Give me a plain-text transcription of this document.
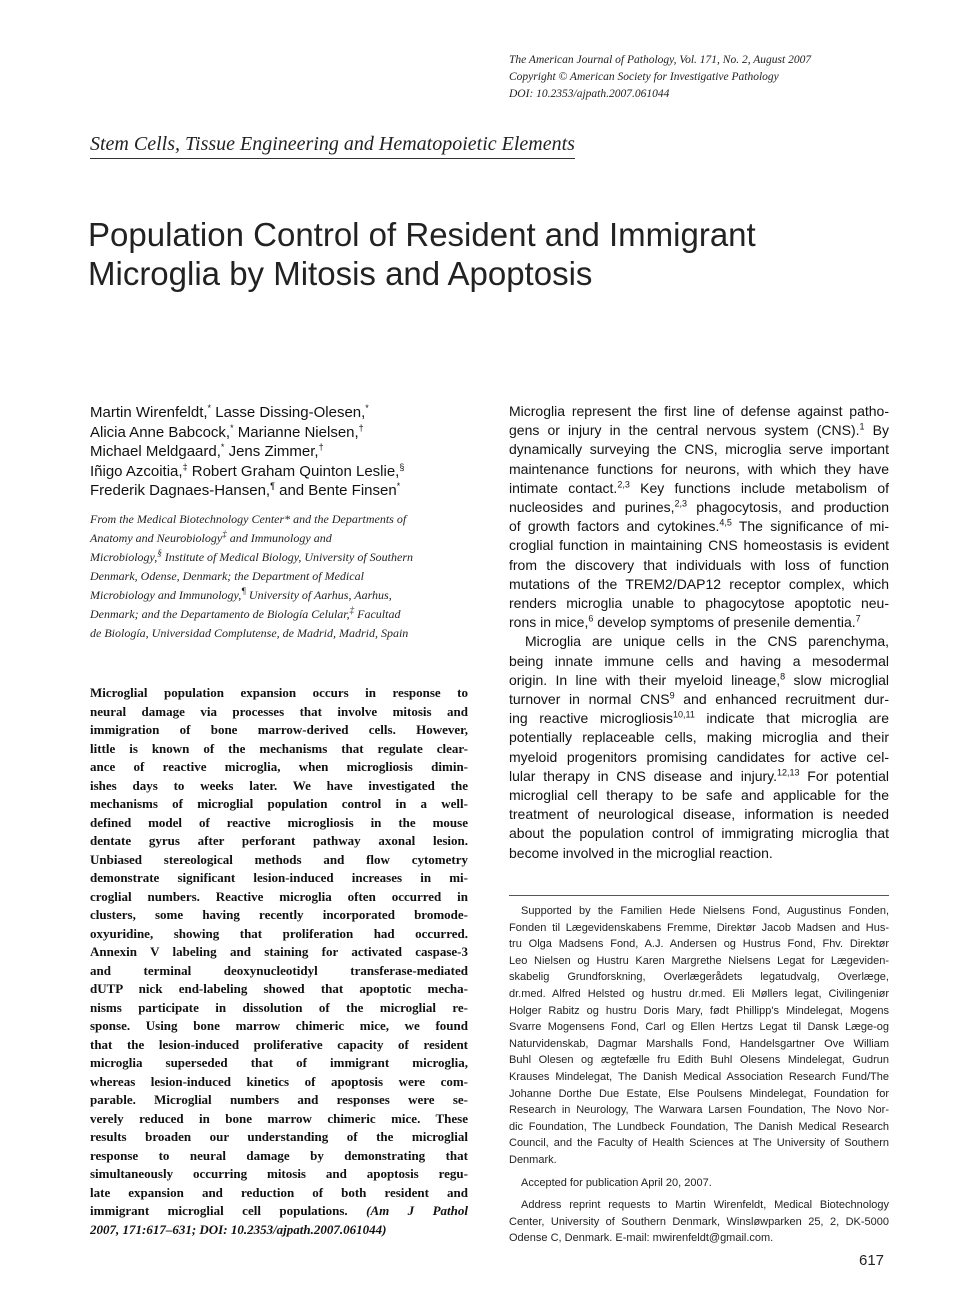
The American Journal of Pathology, Vol. 171, No. 2, August 2007
Copyright © American Society for Investigative Pathology
DOI: 10.2353/ajpath.2007.061044
Stem Cells, Tissue Engineering and Hematopoietic Elements
Population Control of Resident and Immigrant
Microglia by Mitosis and Apoptosis
Martin Wirenfeldt,* Lasse Dissing-Olesen,*
Alicia Anne Babcock,* Marianne Nielsen,†
Michael Meldgaard,* Jens Zimmer,†
Iñigo Azcoitia,‡ Robert Graham Quinton Leslie,§
Frederik Dagnaes-Hansen,¶ and Bente Finsen*
From the Medical Biotechnology Center* and the Departments of
Anatomy and Neurobiology‡ and Immunology and
Microbiology,§ Institute of Medical Biology, University of Southern
Denmark, Odense, Denmark; the Department of Medical
Microbiology and Immunology,¶ University of Aarhus, Aarhus,
Denmark; and the Departamento de Biología Celular,‡ Facultad
de Biología, Universidad Complutense, de Madrid, Madrid, Spain
Microglial population expansion occurs in response to
neural damage via processes that involve mitosis and
immigration of bone marrow-derived cells. However,
little is known of the mechanisms that regulate clear-
ance of reactive microglia, when microgliosis dimin-
ishes days to weeks later. We have investigated the
mechanisms of microglial population control in a well-
defined model of reactive microgliosis in the mouse
dentate gyrus after perforant pathway axonal lesion.
Unbiased stereological methods and flow cytometry
demonstrate significant lesion-induced increases in mi-
croglial numbers. Reactive microglia often occurred in
clusters, some having recently incorporated bromode-
oxyuridine, showing that proliferation had occurred.
Annexin V labeling and staining for activated caspase-3
and terminal deoxynucleotidyl transferase-mediated
dUTP nick end-labeling showed that apoptotic mecha-
nisms participate in dissolution of the microglial re-
sponse. Using bone marrow chimeric mice, we found
that the lesion-induced proliferative capacity of resident
microglia superseded that of immigrant microglia,
whereas lesion-induced kinetics of apoptosis were com-
parable. Microglial numbers and responses were se-
verely reduced in bone marrow chimeric mice. These
results broaden our understanding of the microglial
response to neural damage by demonstrating that
simultaneously occurring mitosis and apoptosis regu-
late expansion and reduction of both resident and
immigrant microglial cell populations. (Am J Pathol
2007, 171:617–631; DOI: 10.2353/ajpath.2007.061044)
Microglia represent the first line of defense against patho-
gens or injury in the central nervous system (CNS).$^1$ By
dynamically surveying the CNS, microglia serve important
maintenance functions for neurons, with which they have
intimate contact.$^{2,3}$ Key functions include metabolism of
nucleosides and purines,$^{2,3}$ phagocytosis, and production
of growth factors and cytokines.$^{4,5}$ The significance of mi-
croglial function in maintaining CNS homeostasis is evident
from the discovery that individuals with loss of function
mutations of the TREM2/DAP12 receptor complex, which
renders microglia unable to phagocytose apoptotic neu-
rons in mice,$^6$ develop symptoms of presenile dementia.$^7$
Microglia are unique cells in the CNS parenchyma,
being innate immune cells and having a mesodermal
origin. In line with their myeloid lineage,$^8$ slow microglial
turnover in normal CNS$^9$ and enhanced recruitment dur-
ing reactive microgliosis$^{10,11}$ indicate that microglia are
potentially replaceable cells, making microglia and their
myeloid progenitors promising candidates for active cel-
lular therapy in CNS disease and injury.$^{12,13}$ For potential
microglial cell therapy to be safe and applicable for the
treatment of neurological disease, information is needed
about the population control of immigrating microglia that
become involved in the microglial reaction.
Supported by the Familien Hede Nielsens Fond, Augustinus Fonden,
Fonden til Lægevidenskabens Fremme, Direktør Jacob Madsen and Hus-
tru Olga Madsens Fond, A.J. Andersen og Hustrus Fond, Fhv. Direktør
Leo Nielsen og Hustru Karen Margrethe Nielsens Legat for Lægeviden-
skabelig Grundforskning, Overlægerådets legatudvalg, Overlæge,
dr.med. Alfred Helsted og hustru dr.med. Eli Møllers legat, Civilingeniør
Holger Rabitz og hustru Doris Mary, født Phillipp's Mindelegat, Mogens
Svarre Mogensens Fond, Carl og Ellen Hertzs Legat til Dansk Læge-og
Naturvidenskab, Dagmar Marshalls Fond, Handelsgartner Ove William
Buhl Olesen og ægtefælle fru Edith Buhl Olesens Mindelegat, Gudrun
Krauses Mindelegat, The Danish Medical Association Research Fund/The
Johanne Dorthe Due Estate, Else Poulsens Mindelegat, Foundation for
Research in Neurology, The Warwara Larsen Foundation, The Novo Nor-
dic Foundation, The Lundbeck Foundation, The Danish Medical Research
Council, and the Faculty of Health Sciences at The University of Southern
Denmark.
Accepted for publication April 20, 2007.
Address reprint requests to Martin Wirenfeldt, Medical Biotechnology
Center, University of Southern Denmark, Winsløwparken 25, 2, DK-5000
Odense C, Denmark. E-mail: mwirenfeldt@gmail.com.
617
